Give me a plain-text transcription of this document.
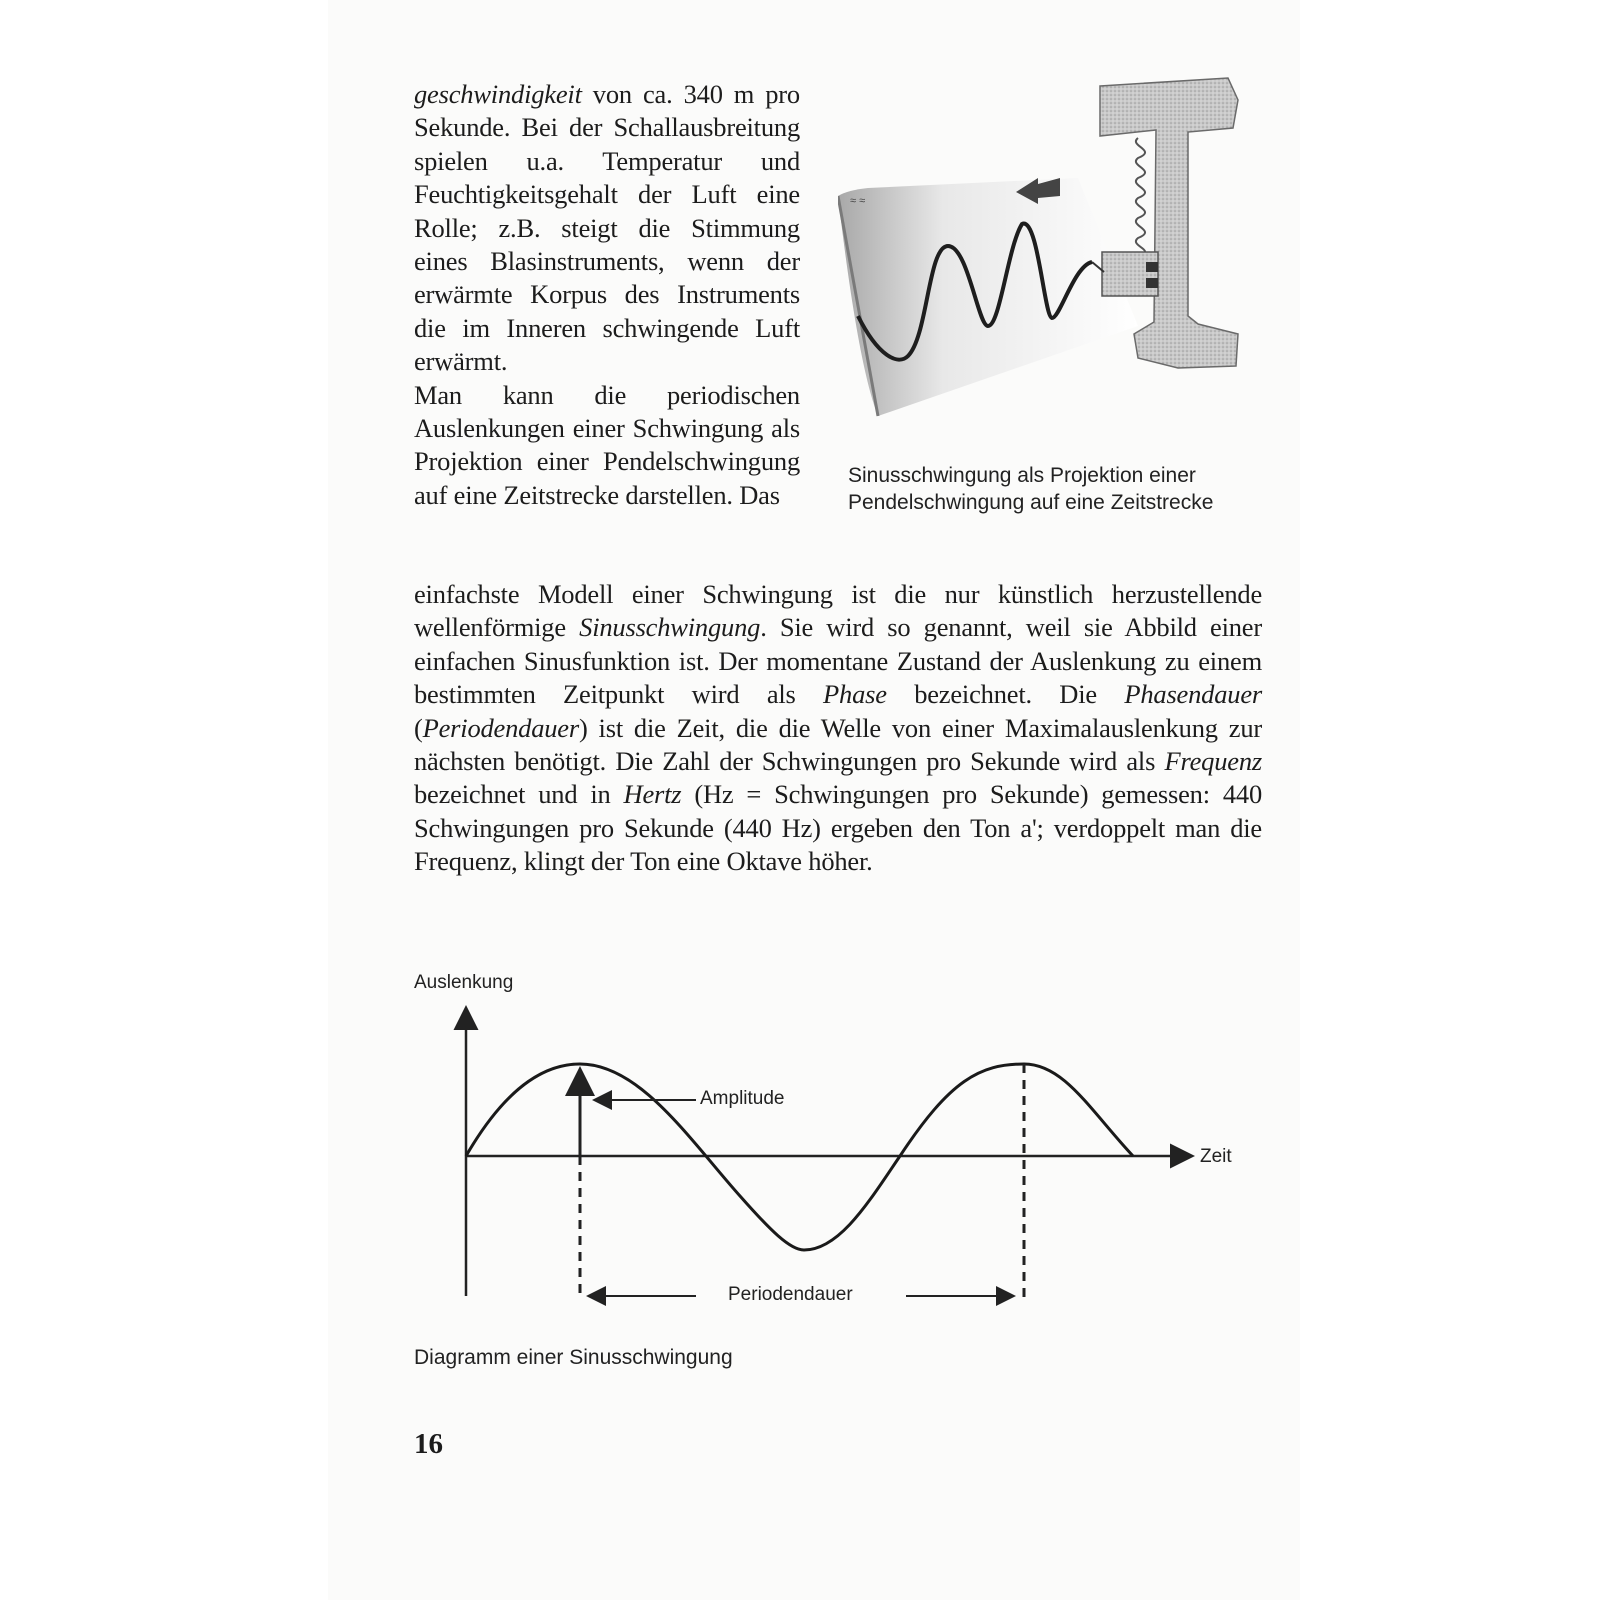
geschwindigkeit von ca. 340 m pro Sekunde. Bei der Schallausbreitung spielen u.a. Temperatur und Feuchtigkeitsgehalt der Luft eine Rolle; z.B. steigt die Stimmung eines Blasinstruments, wenn der erwärmte Korpus des Instruments die im Inneren schwingende Luft erwärmt.

Man kann die periodischen Auslenkungen einer Schwingung als Projektion einer Pendelschwingung auf eine Zeitstrecke darstellen. Das

≈ ≈
Sinusschwingung als Projektion einer Pendelschwingung auf eine Zeitstrecke

einfachste Modell einer Schwingung ist die nur künstlich herzustellende wellenförmige Sinusschwingung. Sie wird so genannt, weil sie Abbild einer einfachen Sinusfunktion ist. Der momentane Zustand der Auslenkung zu einem bestimmten Zeitpunkt wird als Phase bezeichnet. Die Phasendauer (Periodendauer) ist die Zeit, die die Welle von einer Maximalauslenkung zur nächsten benötigt. Die Zahl der Schwingungen pro Sekunde wird als Frequenz bezeichnet und in Hertz (Hz = Schwingungen pro Sekunde) gemessen: 440 Schwingungen pro Sekunde (440 Hz) ergeben den Ton a'; verdoppelt man die Frequenz, klingt der Ton eine Oktave höher.

Auslenkung
Zeit
Amplitude
Periodendauer
Diagramm einer Sinusschwingung
16
